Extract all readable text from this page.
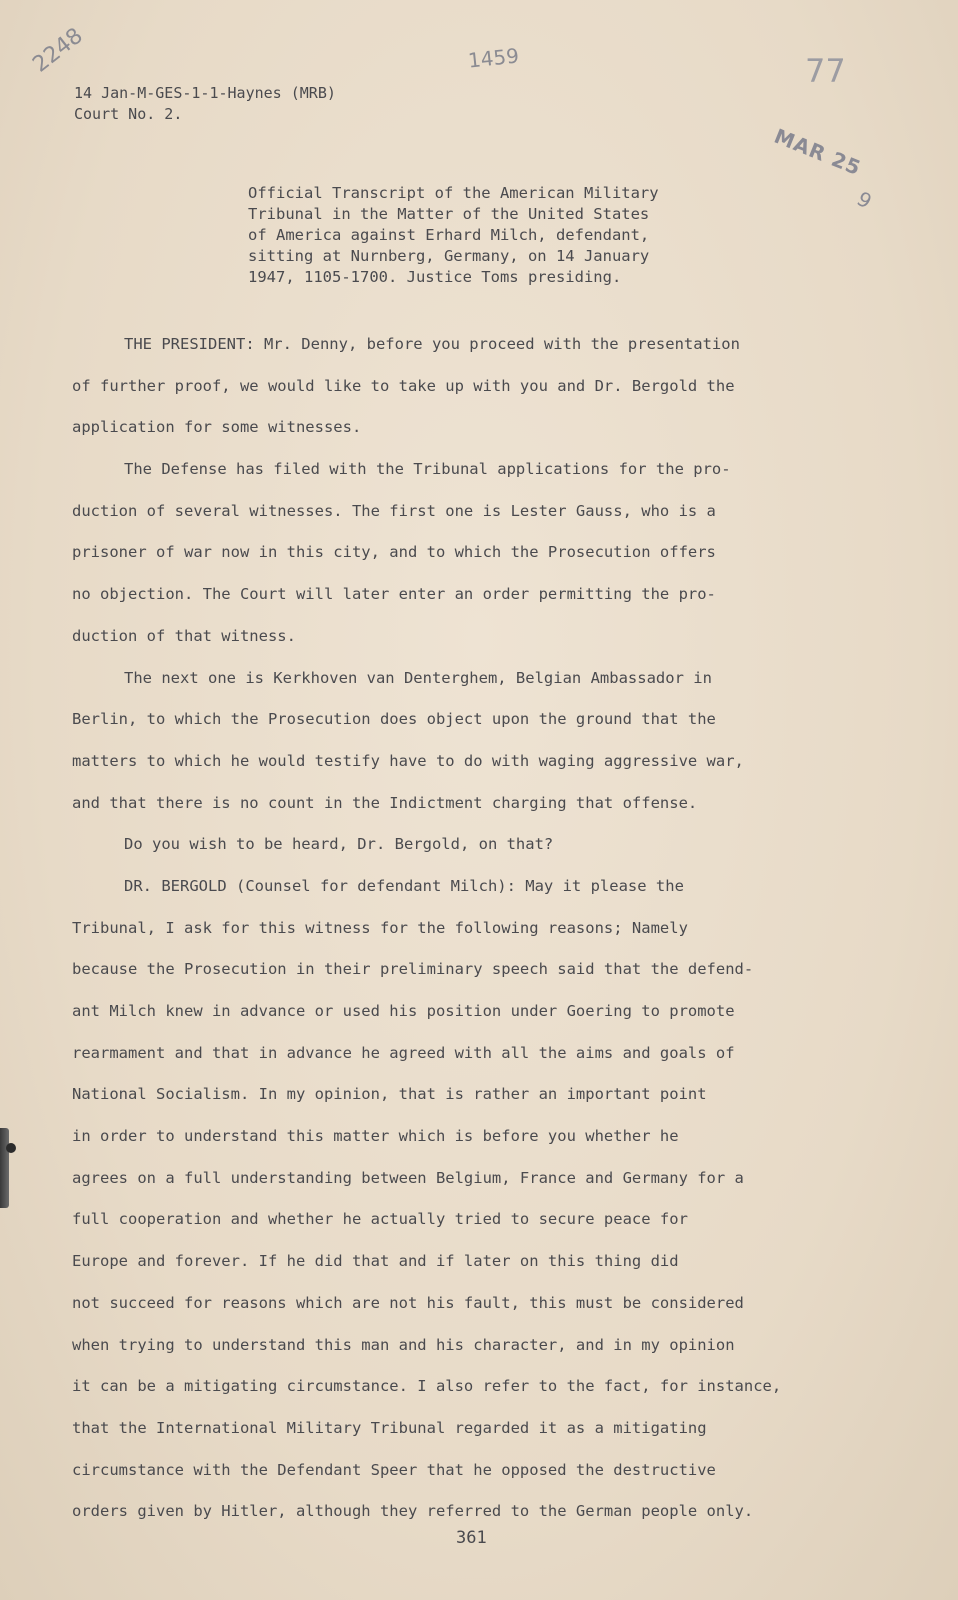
2248	1459	77
MAR 25
9
14 Jan-M-GES-1-1-Haynes (MRB)
Court No. 2.
Official Transcript of the American Military
Tribunal in the Matter of the United States
of America against Erhard Milch, defendant,
sitting at Nurnberg, Germany, on 14 January
1947, 1105-1700. Justice Toms presiding.
THE PRESIDENT: Mr. Denny, before you proceed with the presentation
of further proof, we would like to take up with you and Dr. Bergold the
application for some witnesses.
The Defense has filed with the Tribunal applications for the pro-
duction of several witnesses. The first one is Lester Gauss, who is a
prisoner of war now in this city, and to which the Prosecution offers
no objection. The Court will later enter an order permitting the pro-
duction of that witness.
The next one is Kerkhoven van Denterghem, Belgian Ambassador in
Berlin, to which the Prosecution does object upon the ground that the
matters to which he would testify have to do with waging aggressive war,
and that there is no count in the Indictment charging that offense.
Do you wish to be heard, Dr. Bergold, on that?
DR. BERGOLD (Counsel for defendant Milch): May it please the
Tribunal, I ask for this witness for the following reasons; Namely
because the Prosecution in their preliminary speech said that the defend-
ant Milch knew in advance or used his position under Goering to promote
rearmament and that in advance he agreed with all the aims and goals of
National Socialism. In my opinion, that is rather an important point
in order to understand this matter which is before you whether he
agrees on a full understanding between Belgium, France and Germany for a
full cooperation and whether he actually tried to secure peace for
Europe and forever. If he did that and if later on this thing did
not succeed for reasons which are not his fault, this must be considered
when trying to understand this man and his character, and in my opinion
it can be a mitigating circumstance. I also refer to the fact, for instance,
that the International Military Tribunal regarded it as a mitigating
circumstance with the Defendant Speer that he opposed the destructive
orders given by Hitler, although they referred to the German people only.
361
